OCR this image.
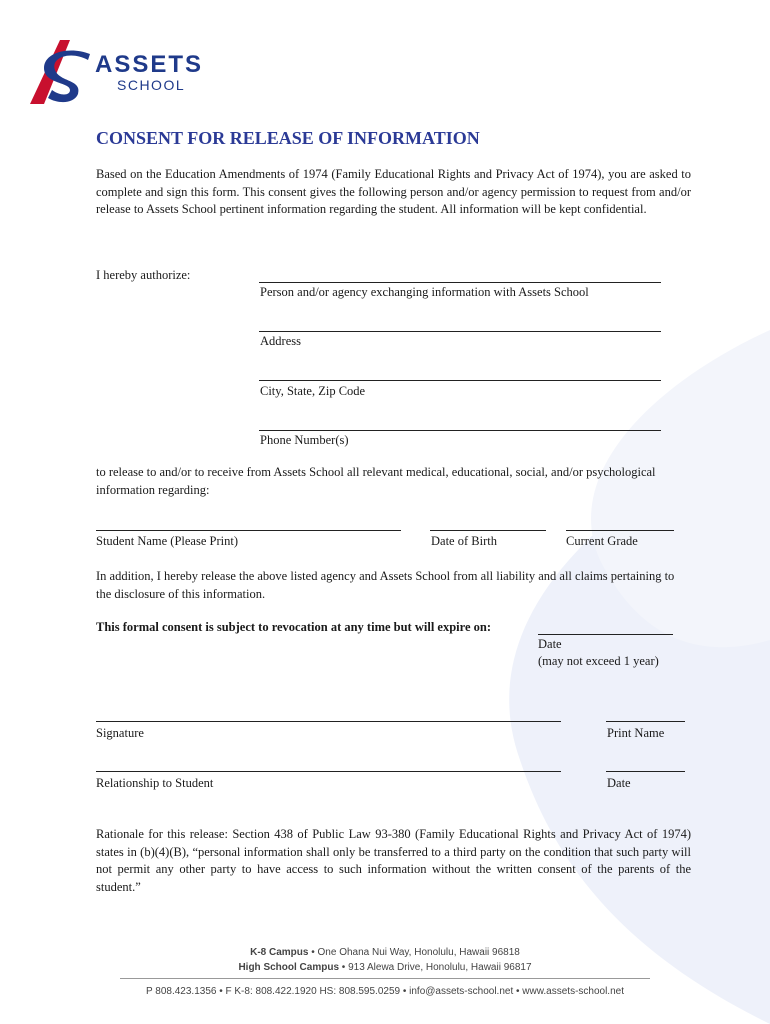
ASSETS
SCHOOL
CONSENT FOR RELEASE OF INFORMATION
Based on the Education Amendments of 1974 (Family Educational Rights and Privacy Act of 1974), you are asked to complete and sign this form. This consent gives the following person and/or agency permission to request from and/or release to Assets School pertinent information regarding the student. All information will be kept confidential.
I hereby authorize:
Person and/or agency exchanging information with Assets School
Address
City, State, Zip Code
Phone Number(s)
to release to and/or to receive from Assets School all relevant medical, educational, social, and/or psychological information regarding:
Student Name (Please Print)	Date of Birth	Current Grade
In addition, I hereby release the above listed agency and Assets School from all liability and all claims pertaining to the disclosure of this information.
This formal consent is subject to revocation at any time but will expire on:
Date
(may not exceed 1 year)
Signature	Print Name
Relationship to Student	Date
Rationale for this release: Section 438 of Public Law 93-380 (Family Educational Rights and Privacy Act of 1974) states in (b)(4)(B), “personal information shall only be transferred to a third party on the condition that such party will not permit any other party to have access to such information without the written consent of the parents of the student.”
K-8 Campus • One Ohana Nui Way, Honolulu, Hawaii 96818
High School Campus • 913 Alewa Drive, Honolulu, Hawaii 96817
P 808.423.1356 • F K-8: 808.422.1920 HS: 808.595.0259 • info@assets-school.net • www.assets-school.net
